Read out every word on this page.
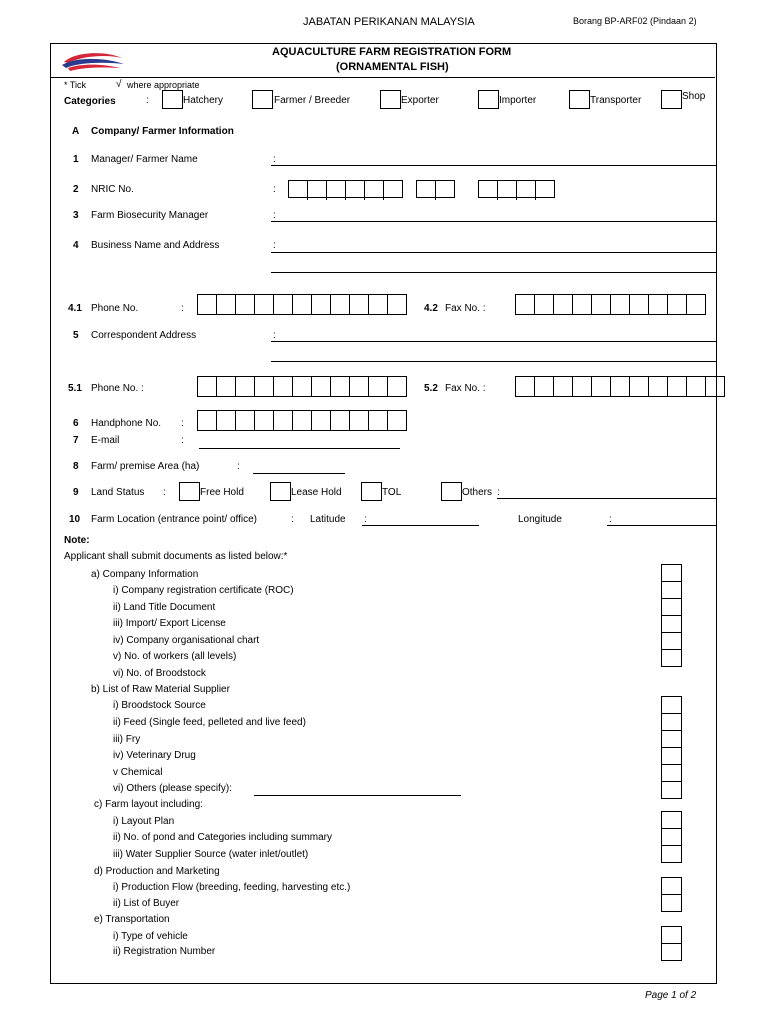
JABATAN PERIKANAN MALAYSIA	Borang BP-ARF02 (Pindaan 2)
AQUACULTURE FARM REGISTRATION FORM
(ORNAMENTAL FISH)
* Tick	√ where appropriate
Categories	:	Hatchery	Farmer / Breeder	Exporter	Importer	Transporter	Shop
A Company/ Farmer Information
1 Manager/ Farmer Name	:
2 NRIC No.	:
3 Farm Biosecurity Manager	:
4 Business Name and Address	:
4.1 Phone No.	:	4.2 Fax No. :
5 Correspondent Address	:
5.1 Phone No. :	5.2 Fax No. :
6 Handphone No. :
7 E-mail	:
8 Farm/ premise Area (ha)	:
9 Land Status :	Free Hold	Lease Hold	TOL	Others :
10 Farm Location (entrance point/ office)	: Latitude :	Longitude	:
Note:
Applicant shall submit documents as listed below:*
a) Company Information
i) Company registration certificate (ROC)
ii) Land Title Document
iii) Import/ Export License
iv) Company organisational chart
v) No. of workers (all levels)
vi) No. of Broodstock
b) List of Raw Material Supplier
i) Broodstock Source
ii) Feed (Single feed, pelleted and live feed)
iii) Fry
iv) Veterinary Drug
v Chemical
vi) Others (please specify):
c) Farm layout including:
i) Layout Plan
ii) No. of pond and Categories including summary
iii) Water Supplier Source (water inlet/outlet)
d) Production and Marketing
i) Production Flow (breeding, feeding, harvesting etc.)
ii) List of Buyer
e) Transportation
i) Type of vehicle
ii) Registration Number
Page 1 of 2
